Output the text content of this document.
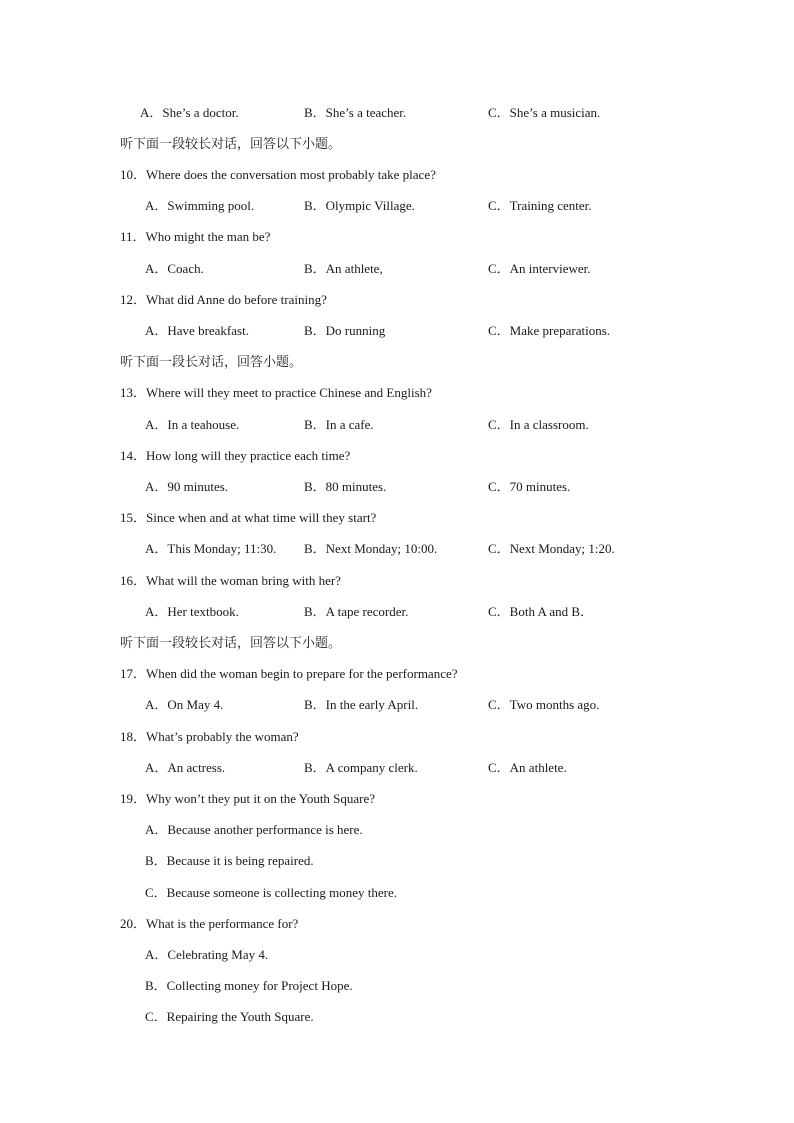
A．She’s a doctor.	B．She’s a teacher.	C．She’s a musician.
听下面一段较长对话，回答以下小题。
10．Where does the conversation most probably take place?
A．Swimming pool.	B．Olympic Village.	C．Training center.
11．Who might the man be?
A．Coach.	B．An athlete,	C．An interviewer.
12．What did Anne do before training?
A．Have breakfast.	B．Do running	C．Make preparations.
听下面一段长对话，回答小题。
13．Where will they meet to practice Chinese and English?
A．In a teahouse.	B．In a cafe.	C．In a classroom.
14．How long will they practice each time?
A．90 minutes.	B．80 minutes.	C．70 minutes.
15．Since when and at what time will they start?
A．This Monday; 11:30. B．Next Monday; 10:00.	C．Next Monday; 1:20.
16．What will the woman bring with her?
A．Her textbook.	B．A tape recorder.	C．Both A and B．
听下面一段较长对话，回答以下小题。
17．When did the woman begin to prepare for the performance?
A．On May 4.	B．In the early April.	C．Two months ago.
18．What’s probably the woman?
A．An actress.	B．A company clerk.	C．An athlete.
19．Why won’t they put it on the Youth Square?
A．Because another performance is here.
B．Because it is being repaired.
C．Because someone is collecting money there.
20．What is the performance for?
A．Celebrating May 4.
B．Collecting money for Project Hope.
C．Repairing the Youth Square.
